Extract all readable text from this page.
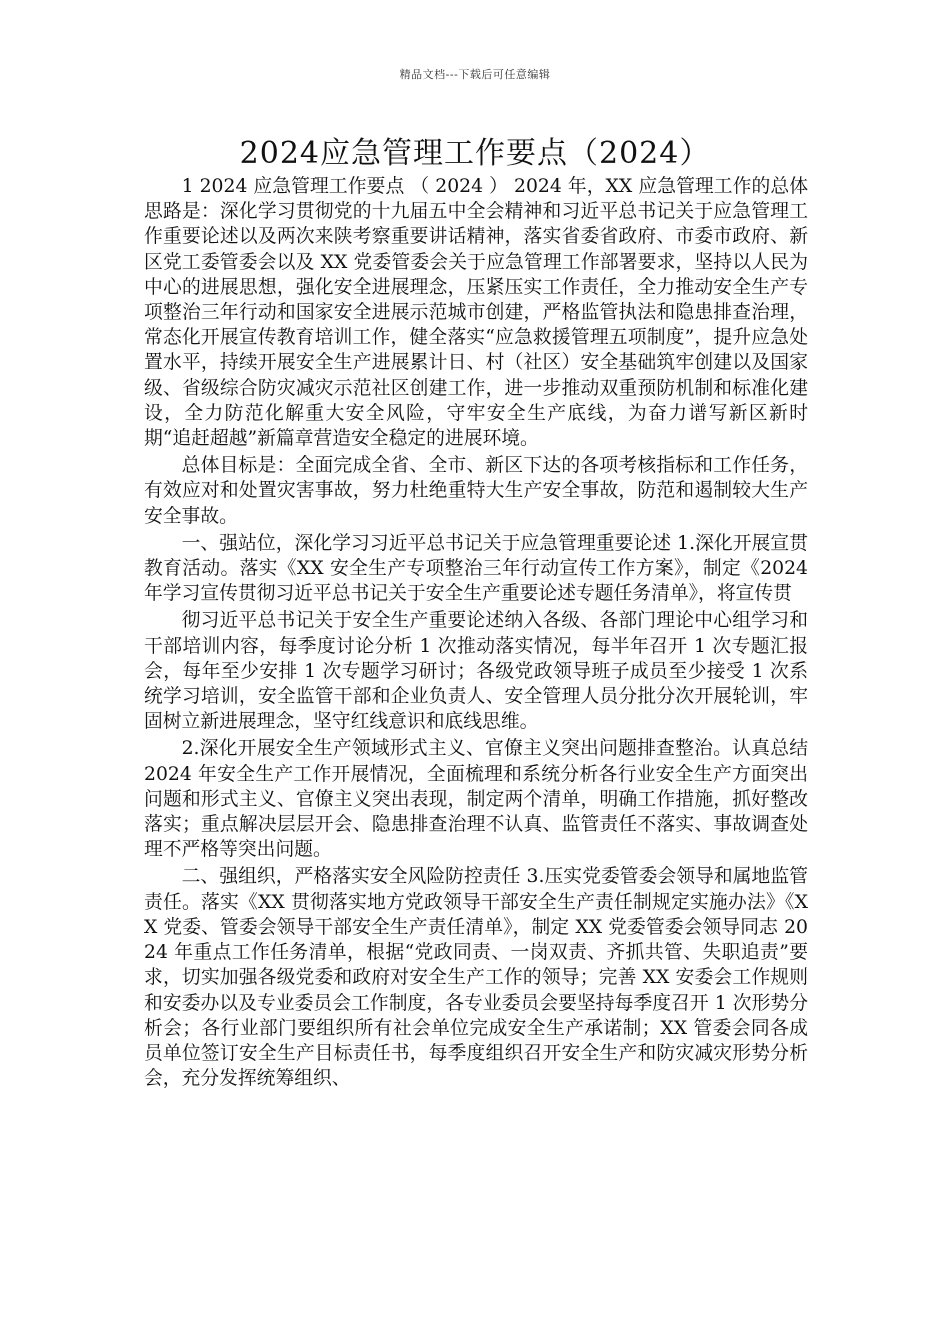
精品文档---下载后可任意编辑
2024应急管理工作要点（2024）

1 2024 应急管理工作要点 （ 2024 ） 2024 年，XX 应急管理工作的总体思路是：深化学习贯彻党的十九届五中全会精神和习近平总书记关于应急管理工作重要论述以及两次来陕考察重要讲话精神，落实省委省政府、市委市政府、新区党工委管委会以及 XX 党委管委会关于应急管理工作部署要求，坚持以人民为中心的进展思想，强化安全进展理念，压紧压实工作责任，全力推动安全生产专项整治三年行动和国家安全进展示范城市创建，严格监管执法和隐患排查治理，常态化开展宣传教育培训工作，健全落实“应急救援管理五项制度”，提升应急处置水平，持续开展安全生产进展累计日、村（社区）安全基础筑牢创建以及国家级、省级综合防灾减灾示范社区创建工作，进一步推动双重预防机制和标准化建设，全力防范化解重大安全风险，守牢安全生产底线，为奋力谱写新区新时期“追赶超越”新篇章营造安全稳定的进展环境。

总体目标是：全面完成全省、全市、新区下达的各项考核指标和工作任务，有效应对和处置灾害事故，努力杜绝重特大生产安全事故，防范和遏制较大生产安全事故。

一、强站位，深化学习习近平总书记关于应急管理重要论述 1.深化开展宣贯教育活动。落实《XX 安全生产专项整治三年行动宣传工作方案》，制定《2024 年学习宣传贯彻习近平总书记关于安全生产重要论述专题任务清单》，将宣传贯

彻习近平总书记关于安全生产重要论述纳入各级、各部门理论中心组学习和干部培训内容，每季度讨论分析 1 次推动落实情况，每半年召开 1 次专题汇报会，每年至少安排 1 次专题学习研讨；各级党政领导班子成员至少接受 1 次系统学习培训，安全监管干部和企业负责人、安全管理人员分批分次开展轮训，牢固树立新进展理念，坚守红线意识和底线思维。

2.深化开展安全生产领域形式主义、官僚主义突出问题排查整治。认真总结 2024 年安全生产工作开展情况，全面梳理和系统分析各行业安全生产方面突出问题和形式主义、官僚主义突出表现，制定两个清单，明确工作措施，抓好整改落实；重点解决层层开会、隐患排查治理不认真、监管责任不落实、事故调查处理不严格等突出问题。

二、强组织，严格落实安全风险防控责任 3.压实党委管委会领导和属地监管责任。落实《XX 贯彻落实地方党政领导干部安全生产责任制规定实施办法》《XX 党委、管委会领导干部安全生产责任清单》，制定 XX 党委管委会领导同志 2024 年重点工作任务清单，根据“党政同责、一岗双责、齐抓共管、失职追责”要求，切实加强各级党委和政府对安全生产工作的领导；完善 XX 安委会工作规则和安委办以及专业委员会工作制度，各专业委员会要坚持每季度召开 1 次形势分析会；各行业部门要组织所有社会单位完成安全生产承诺制；XX 管委会同各成员单位签订安全生产目标责任书，每季度组织召开安全生产和防灾减灾形势分析会，充分发挥统筹组织、
